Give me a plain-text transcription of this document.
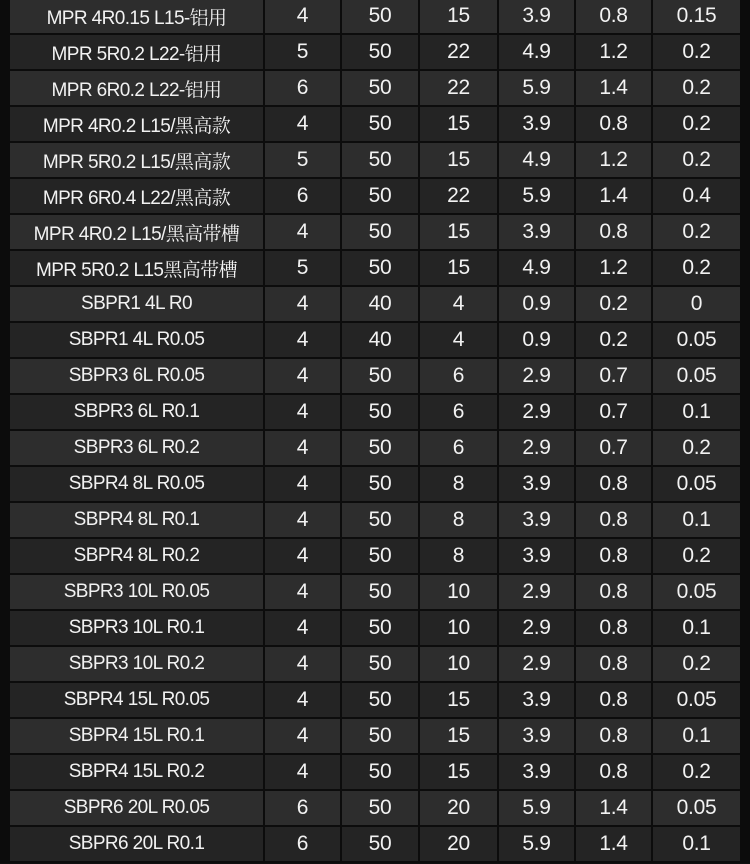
MPR 4R0.15 L15-铝用	4	50	15	3.9	0.8	0.15
MPR 5R0.2 L22-铝用	5	50	22	4.9	1.2	0.2
MPR 6R0.2 L22-铝用	6	50	22	5.9	1.4	0.2
MPR 4R0.2 L15/黑高款	4	50	15	3.9	0.8	0.2
MPR 5R0.2 L15/黑高款	5	50	15	4.9	1.2	0.2
MPR 6R0.4 L22/黑高款	6	50	22	5.9	1.4	0.4
MPR 4R0.2 L15/黑高带槽	4	50	15	3.9	0.8	0.2
MPR 5R0.2 L15黑高带槽	5	50	15	4.9	1.2	0.2
SBPR1 4L R0	4	40	4	0.9	0.2	0
SBPR1 4L R0.05	4	40	4	0.9	0.2	0.05
SBPR3 6L R0.05	4	50	6	2.9	0.7	0.05
SBPR3 6L R0.1	4	50	6	2.9	0.7	0.1
SBPR3 6L R0.2	4	50	6	2.9	0.7	0.2
SBPR4 8L R0.05	4	50	8	3.9	0.8	0.05
SBPR4 8L R0.1	4	50	8	3.9	0.8	0.1
SBPR4 8L R0.2	4	50	8	3.9	0.8	0.2
SBPR3 10L R0.05	4	50	10	2.9	0.8	0.05
SBPR3 10L R0.1	4	50	10	2.9	0.8	0.1
SBPR3 10L R0.2	4	50	10	2.9	0.8	0.2
SBPR4 15L R0.05	4	50	15	3.9	0.8	0.05
SBPR4 15L R0.1	4	50	15	3.9	0.8	0.1
SBPR4 15L R0.2	4	50	15	3.9	0.8	0.2
SBPR6 20L R0.05	6	50	20	5.9	1.4	0.05
SBPR6 20L R0.1	6	50	20	5.9	1.4	0.1
